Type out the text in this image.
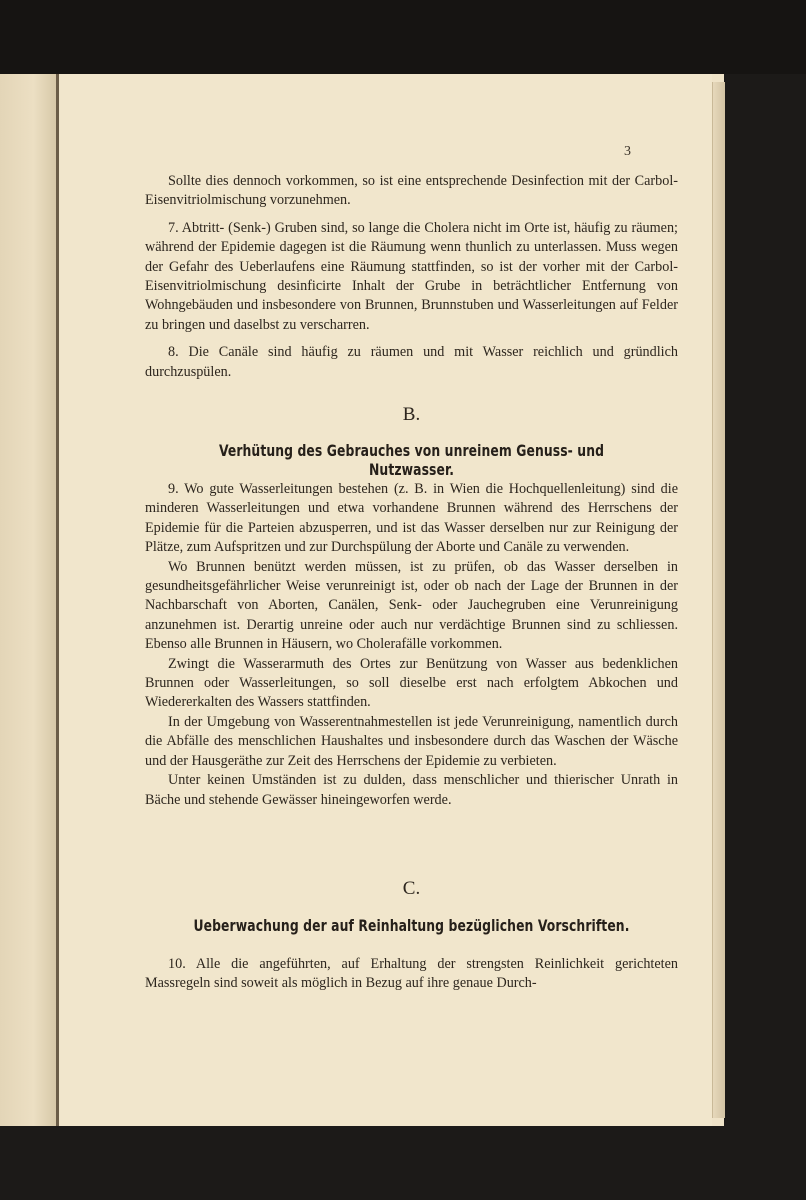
3

Sollte dies dennoch vorkommen, so ist eine entsprechende Desinfection mit der Carbol-Eisenvitriolmischung vorzunehmen.

7. Abtritt- (Senk-) Gruben sind, so lange die Cholera nicht im Orte ist, häufig zu räumen; während der Epidemie dagegen ist die Räumung wenn thunlich zu unterlassen. Muss wegen der Gefahr des Ueberlaufens eine Räumung stattfinden, so ist der vorher mit der Carbol-Eisenvitriolmischung desinficirte Inhalt der Grube in beträchtlicher Entfernung von Wohngebäuden und insbesondere von Brunnen, Brunnstuben und Wasserleitungen auf Felder zu bringen und daselbst zu verscharren.

8. Die Canäle sind häufig zu räumen und mit Wasser reichlich und gründlich durchzuspülen.

B.
Verhütung des Gebrauches von unreinem Genuss- und Nutzwasser.

9. Wo gute Wasserleitungen bestehen (z. B. in Wien die Hochquellenleitung) sind die minderen Wasserleitungen und etwa vorhandene Brunnen während des Herrschens der Epidemie für die Parteien abzusperren, und ist das Wasser derselben nur zur Reinigung der Plätze, zum Aufspritzen und zur Durchspülung der Aborte und Canäle zu verwenden.

Wo Brunnen benützt werden müssen, ist zu prüfen, ob das Wasser derselben in gesundheitsgefährlicher Weise verunreinigt ist, oder ob nach der Lage der Brunnen in der Nachbarschaft von Aborten, Canälen, Senk- oder Jauchegruben eine Verunreinigung anzunehmen ist. Derartig unreine oder auch nur verdächtige Brunnen sind zu schliessen. Ebenso alle Brunnen in Häusern, wo Cholerafälle vorkommen.

Zwingt die Wasserarmuth des Ortes zur Benützung von Wasser aus bedenklichen Brunnen oder Wasserleitungen, so soll dieselbe erst nach erfolgtem Abkochen und Wiedererkalten des Wassers stattfinden.

In der Umgebung von Wasserentnahmestellen ist jede Verunreinigung, namentlich durch die Abfälle des menschlichen Haushaltes und insbesondere durch das Waschen der Wäsche und der Hausgeräthe zur Zeit des Herrschens der Epidemie zu verbieten.

Unter keinen Umständen ist zu dulden, dass menschlicher und thierischer Unrath in Bäche und stehende Gewässer hineingeworfen werde.

C.
Ueberwachung der auf Reinhaltung bezüglichen Vorschriften.

10. Alle die angeführten, auf Erhaltung der strengsten Reinlichkeit gerichteten Massregeln sind soweit als möglich in Bezug auf ihre genaue Durch-
